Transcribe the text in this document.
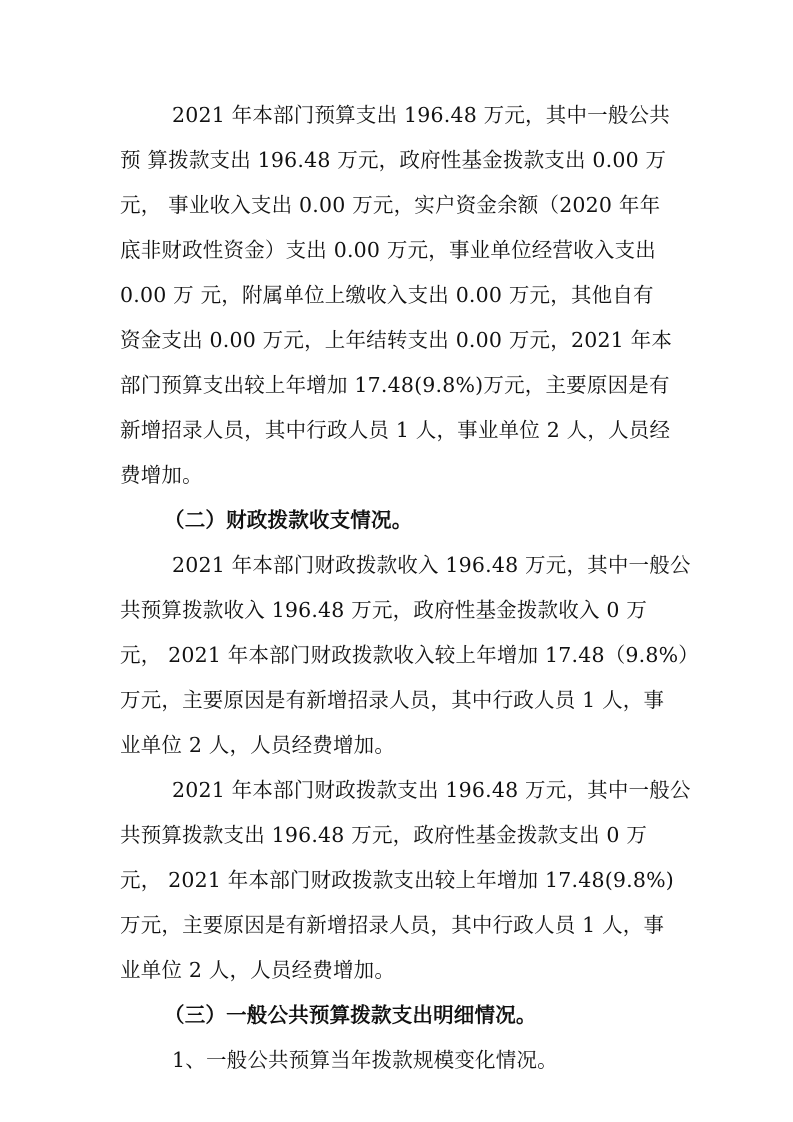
2021 年本部门预算支出 196.48 万元，其中一般公共
预 算拨款支出 196.48 万元，政府性基金拨款支出 0.00 万
元， 事业收入支出 0.00 万元，实户资金余额（2020 年年
底非财政性资金）支出 0.00 万元，事业单位经营收入支出
0.00 万 元，附属单位上缴收入支出 0.00 万元，其他自有
资金支出 0.00 万元，上年结转支出 0.00 万元，2021 年本
部门预算支出较上年增加 17.48(9.8%)万元，主要原因是有
新增招录人员，其中行政人员 1 人，事业单位 2 人，人员经
费增加。
（二）财政拨款收支情况。
2021 年本部门财政拨款收入 196.48 万元，其中一般公
共预算拨款收入 196.48 万元，政府性基金拨款收入 0 万
元， 2021 年本部门财政拨款收入较上年增加 17.48（9.8%）
万元，主要原因是有新增招录人员，其中行政人员 1 人，事
业单位 2 人，人员经费增加。
2021 年本部门财政拨款支出 196.48 万元，其中一般公
共预算拨款支出 196.48 万元，政府性基金拨款支出 0 万
元， 2021 年本部门财政拨款支出较上年增加 17.48(9.8%)
万元，主要原因是有新增招录人员，其中行政人员 1 人，事
业单位 2 人，人员经费增加。
（三）一般公共预算拨款支出明细情况。
1、一般公共预算当年拨款规模变化情况。
